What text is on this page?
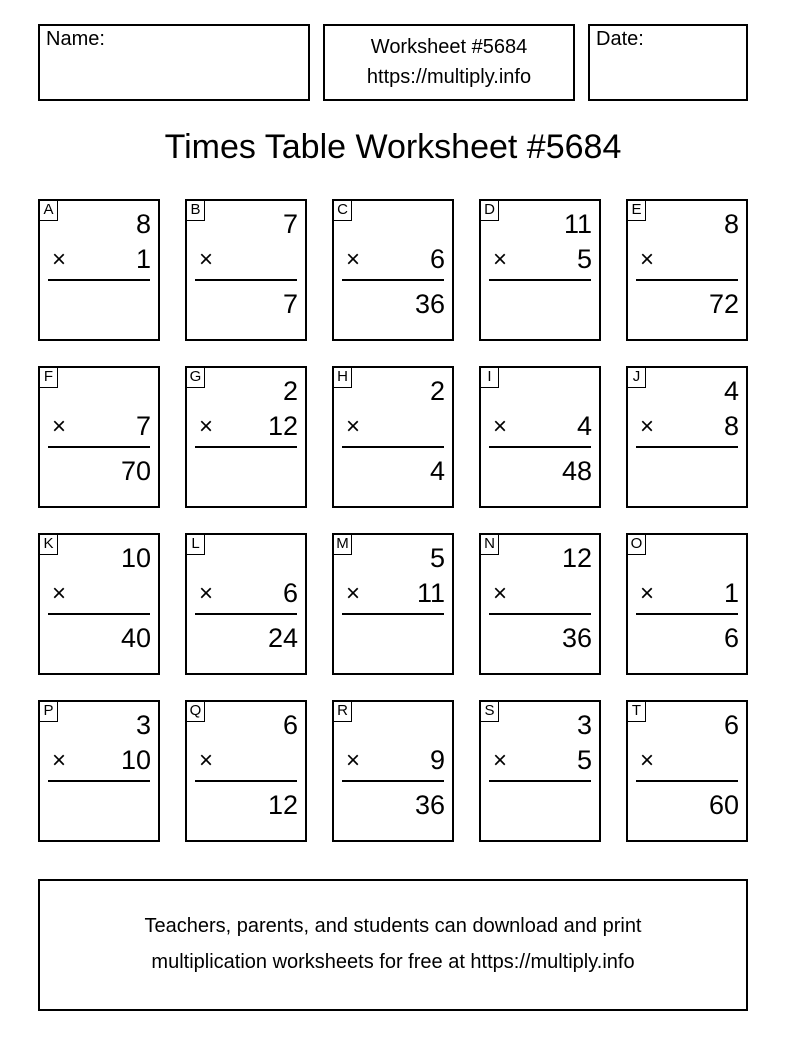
Name:	Worksheet #5684
https://multiply.info
Date:
Times Table Worksheet #5684
A	8
×	1
B	7
×
7
C
×	6
36
D	11
×	5
E	8
×
72
F
×	7
70
G	2
×	12
H	2
×
4
I
×	4
48
J	4
×	8
K	10
×
40
L
×	6
24
M	5
×	11
N	12
×
36
O
×	1
6
P	3
×	10
Q	6
×
12
R
×	9
36
S	3
×	5
T	6
×
60
Teachers, parents, and students can download and print
multiplication worksheets for free at https://multiply.info
